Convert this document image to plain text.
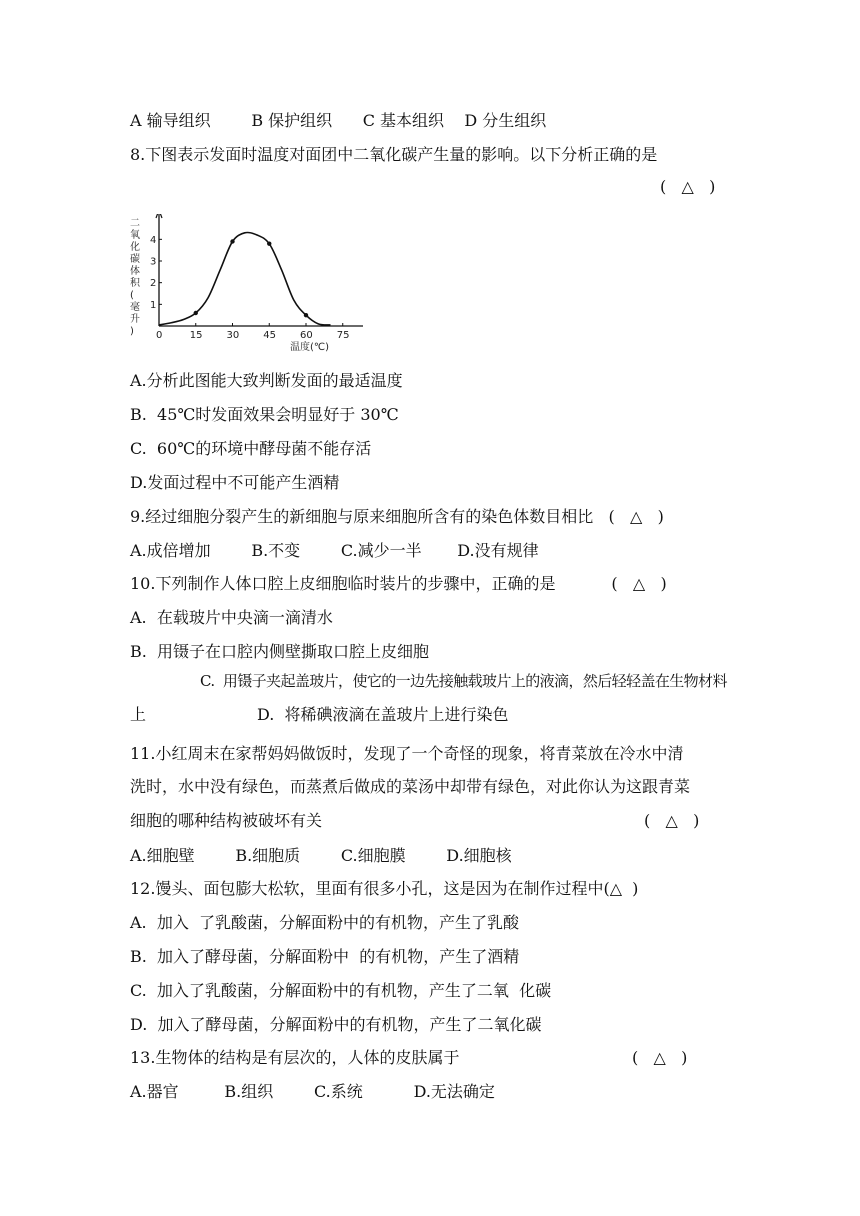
A 输导组织        B 保护组织      C 基本组织    D 分生组织
8.下图表示发面时温度对面团中二氧化碳产生量的影响。以下分析正确的是
(   △   )
二
氧
化
碳
体
积
(
毫
升
)
1
2
3
4
0	15 30 45 60 75
温度(℃)
A.分析此图能大致判断发面的最适温度
B.  45℃时发面效果会明显好于 30℃
C.  60℃的环境中酵母菌不能存活
D.发面过程中不可能产生酒精
9.经过细胞分裂产生的新细胞与原来细胞所含有的染色体数目相比   (   △   )
A.成倍增加        B.不变        C.减少一半       D.没有规律
10.下列制作人体口腔上皮细胞临时装片的步骤中，正确的是           (   △   )
A.  在载玻片中央滴一滴清水
B.  用镊子在口腔内侧壁撕取口腔上皮细胞
C.  用镊子夹起盖玻片，使它的一边先接触载玻片上的液滴，然后轻轻盖在生物材料
上	D.  将稀碘液滴在盖玻片上进行染色
11.小红周末在家帮妈妈做饭时，发现了一个奇怪的现象，将青菜放在冷水中清
洗时，水中没有绿色，而蒸煮后做成的菜汤中却带有绿色，对此你认为这跟青菜
细胞的哪种结构被破坏有关	(   △   )
A.细胞壁        B.细胞质        C.细胞膜        D.细胞核
12.馒头、面包膨大松软，里面有很多小孔，这是因为在制作过程中(△  )
A.  加入  了乳酸菌，分解面粉中的有机物，产生了乳酸
B.  加入了酵母菌，分解面粉中  的有机物，产生了酒精
C.  加入了乳酸菌，分解面粉中的有机物，产生了二氧  化碳
D.  加入了酵母菌，分解面粉中的有机物，产生了二氧化碳
13.生物体的结构是有层次的，人体的皮肤属于	(   △   )
A.器官         B.组织        C.系统          D.无法确定
